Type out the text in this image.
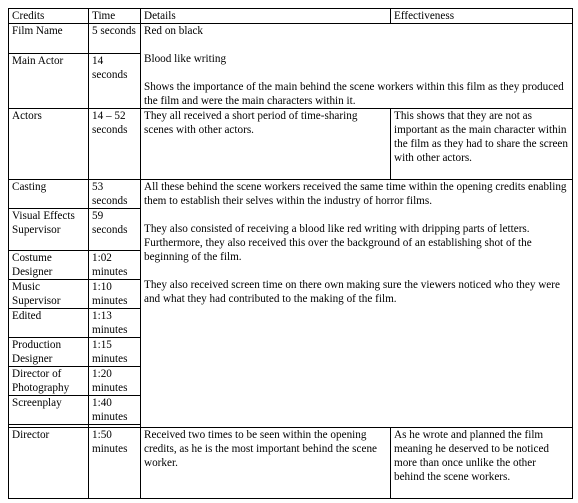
Credits	Time	Details	Effectiveness
Film Name	5 seconds	Red on black

Blood like writing

Shows the importance of the main behind the scene workers within this film as they produced the film and were the main characters within it.	

Main Actor	14 seconds		
Actors	14 – 52 seconds	They all received a short period of time-sharing scenes with other actors.	This shows that they are not as important as the main character within the film as they had to share the screen with other actors.
Casting	53 seconds	All these behind the scene workers received the same time within the opening credits enabling them to establish their selves within the industry of horror films.

They also consisted of receiving a blood like red writing with dripping parts of letters. Furthermore, they also received this over the background of an establishing shot of the beginning of the film.

They also received screen time on there own making sure the viewers noticed who they were and what they had contributed to the making of the film.	

Visual Effects Supervisor	59 seconds		
Costume Designer	1:02 minutes		
Music Supervisor	1:10 minutes		
Edited	1:13 minutes		
Production Designer	1:15 minutes		
Director of Photography	1:20 minutes		
Screenplay	1:40 minutes		

Director	1:50 minutes	Received two times to be seen within the opening credits, as he is the most important behind the scene worker.	As he wrote and planned the film meaning he deserved to be noticed more than once unlike the other behind the scene workers.
